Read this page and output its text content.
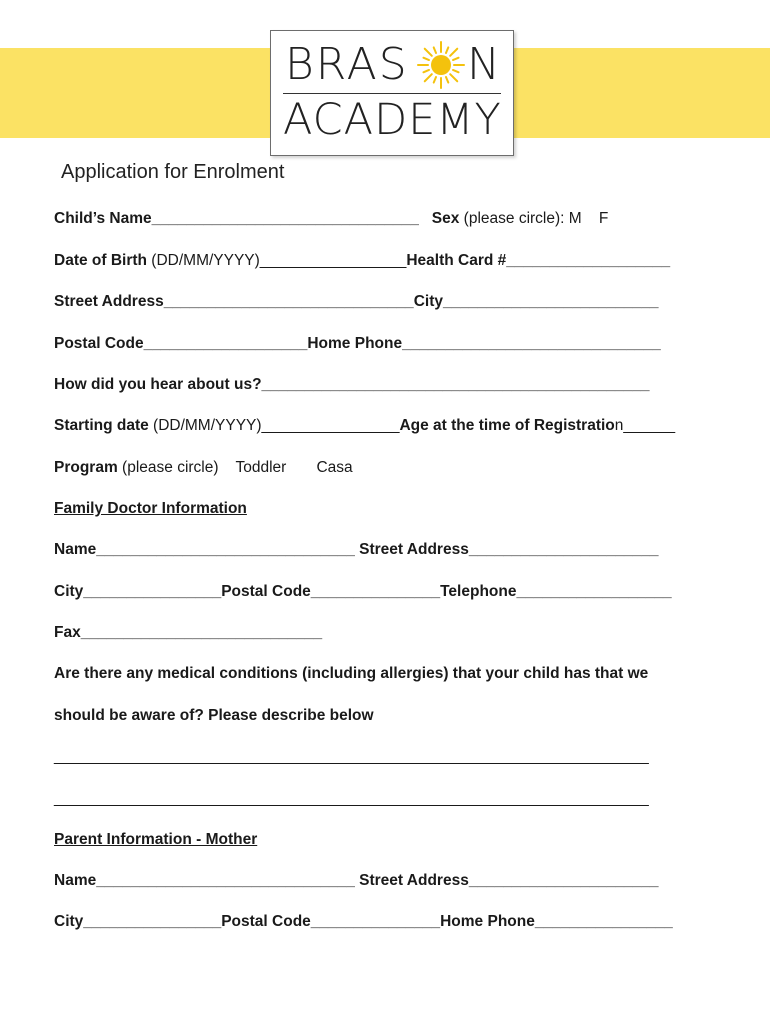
BRAS N
ACADEMY
Application for Enrolment
Child’s Name_______________________________ Sex (please circle): M    F
Date of Birth (DD/MM/YYYY)_________________Health Card #___________________
Street Address_____________________________City_________________________
Postal Code___________________Home Phone______________________________
How did you hear about us?_____________________________________________
Starting date (DD/MM/YYYY)________________Age at the time of Registration______
Program (please circle)    Toddler       Casa
Family Doctor Information
Name______________________________ Street Address______________________
City________________Postal Code_______________Telephone__________________
Fax____________________________
Are there any medical conditions (including allergies) that your child has that we
should be aware of? Please describe below
_____________________________________________________________________
_____________________________________________________________________
Parent Information - Mother
Name______________________________ Street Address______________________
City________________Postal Code_______________Home Phone________________
